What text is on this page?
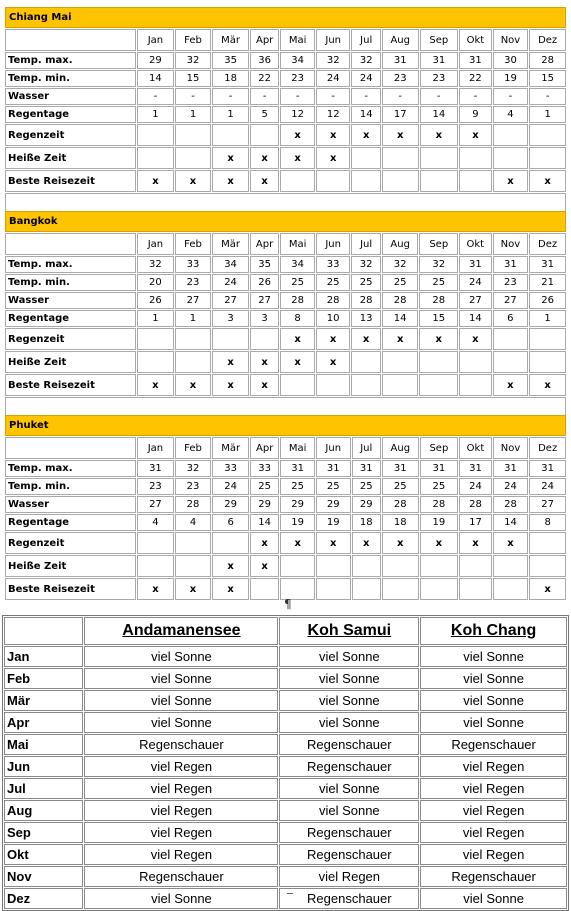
Chiang Mai												
	Jan	Feb	Mär	Apr	Mai	Jun	Jul	Aug	Sep	Okt	Nov	Dez
Temp. max.	29	32	35	36	34	32	32	31	31	31	30	28
Temp. min.	14	15	18	22	23	24	24	23	23	22	19	15
Wasser	-	-	-	-	-	-	-	-	-	-	-	-
Regentage	1	1	1	5	12	12	14	17	14	9	4	1
Regenzeit					x	x	x	x	x	x		
Heiße Zeit			x	x	x	x						
Beste Reisezeit	x	x	x	x							x	x

Bangkok												
	Jan	Feb	Mär	Apr	Mai	Jun	Jul	Aug	Sep	Okt	Nov	Dez
Temp. max.	32	33	34	35	34	33	32	32	32	31	31	31
Temp. min.	20	23	24	26	25	25	25	25	25	24	23	21
Wasser	26	27	27	27	28	28	28	28	28	27	27	26
Regentage	1	1	3	3	8	10	13	14	15	14	6	1
Regenzeit					x	x	x	x	x	x		
Heiße Zeit			x	x	x	x						
Beste Reisezeit	x	x	x	x							x	x

Phuket												
	Jan	Feb	Mär	Apr	Mai	Jun	Jul	Aug	Sep	Okt	Nov	Dez
Temp. max.	31	32	33	33	31	31	31	31	31	31	31	31
Temp. min.	23	23	24	25	25	25	25	25	25	24	24	24
Wasser	27	28	29	29	29	29	29	28	28	28	28	27
Regentage	4	4	6	14	19	19	18	18	19	17	14	8
Regenzeit				x	x	x	x	x	x	x	x	
Heiße Zeit			x	x								
Beste Reisezeit	x	x	x									x
¶
	Andamanensee	Koh Samui	Koh Chang
Jan	viel Sonne	viel Sonne	viel Sonne
Feb	viel Sonne	viel Sonne	viel Sonne
Mär	viel Sonne	viel Sonne	viel Sonne
Apr	viel Sonne	viel Sonne	viel Sonne
Mai	Regenschauer	Regenschauer	Regenschauer
Jun	viel Regen	Regenschauer	viel Regen
Jul	viel Regen	viel Sonne	viel Regen
Aug	viel Regen	viel Sonne	viel Regen
Sep	viel Regen	Regenschauer	viel Regen
Okt	viel Regen	Regenschauer	viel Regen
Nov	Regenschauer	viel Regen	Regenschauer
Dez	viel Sonne	Regenschauer	viel Sonne
